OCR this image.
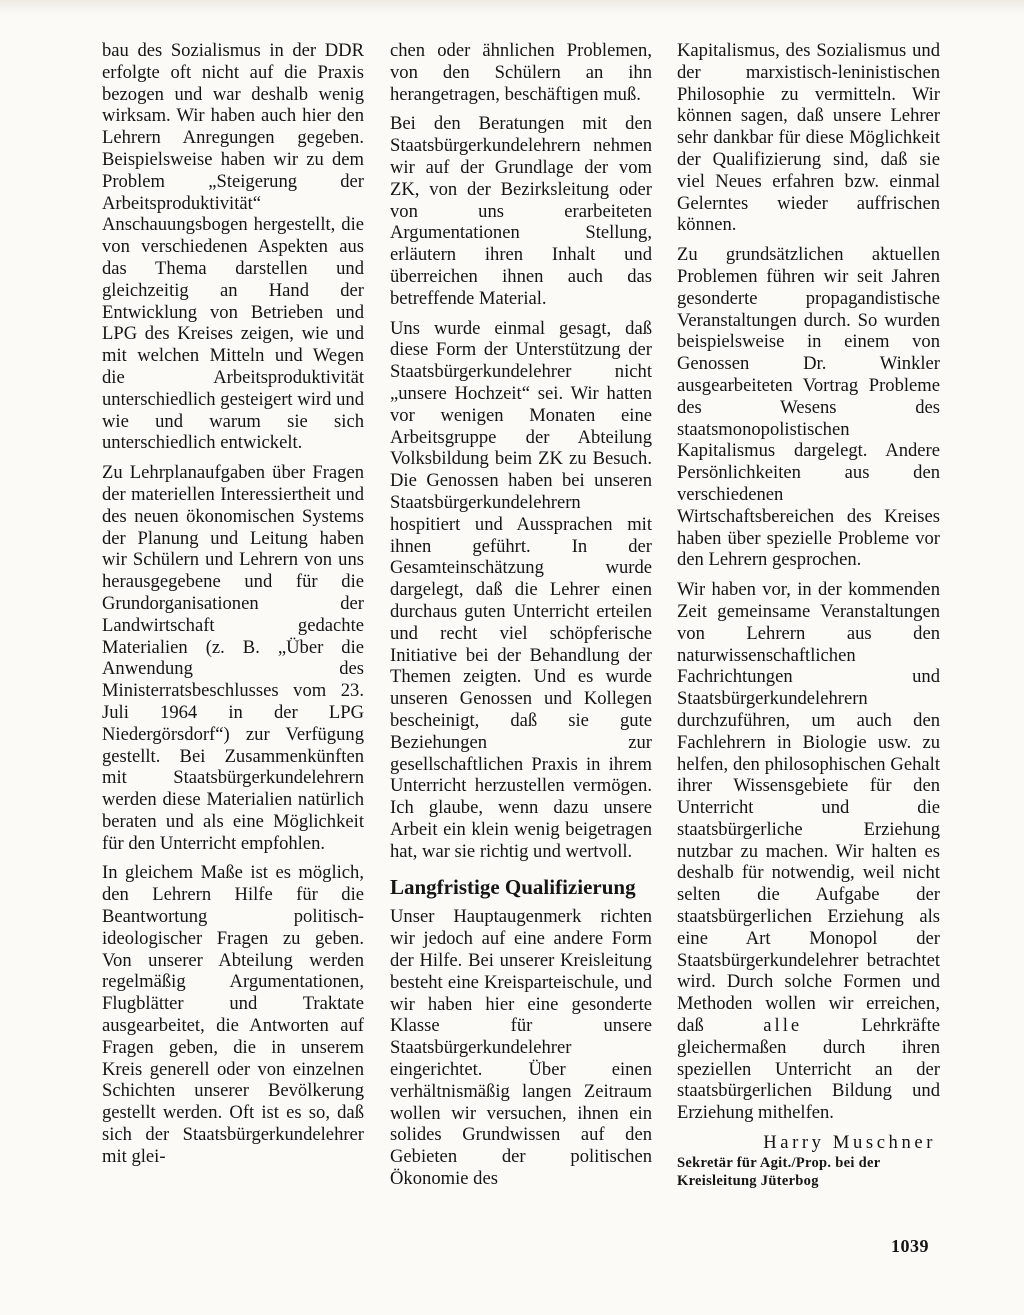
bau des Sozialismus in der DDR erfolgte oft nicht auf die Praxis bezogen und war deshalb wenig wirksam. Wir haben auch hier den Lehrern Anregungen gegeben. Beispielsweise haben wir zu dem Problem „Steigerung der Arbeitsproduktivität“ Anschauungsbogen hergestellt, die von verschiedenen Aspekten aus das Thema darstellen und gleichzeitig an Hand der Entwicklung von Betrieben und LPG des Kreises zeigen, wie und mit welchen Mitteln und Wegen die Arbeitsproduktivität unterschiedlich gesteigert wird und wie und warum sie sich unterschiedlich entwickelt.

Zu Lehrplanaufgaben über Fragen der materiellen Interessiertheit und des neuen ökonomischen Systems der Planung und Leitung haben wir Schülern und Lehrern von uns herausgegebene und für die Grundorganisationen der Landwirtschaft gedachte Materialien (z. B. „Über die Anwendung des Ministerratsbeschlusses vom 23. Juli 1964 in der LPG Niedergörsdorf“) zur Verfügung gestellt. Bei Zusammenkünften mit Staatsbürgerkundelehrern werden diese Materialien natürlich beraten und als eine Möglichkeit für den Unterricht empfohlen.

In gleichem Maße ist es möglich, den Lehrern Hilfe für die Beantwortung politisch-ideologischer Fragen zu geben. Von unserer Abteilung werden regelmäßig Argumentationen, Flugblätter und Traktate ausgearbeitet, die Antworten auf Fragen geben, die in unserem Kreis generell oder von einzelnen Schichten unserer Bevölkerung gestellt werden. Oft ist es so, daß sich der Staatsbürgerkundelehrer mit glei-

chen oder ähnlichen Problemen, von den Schülern an ihn herangetragen, beschäftigen muß.

Bei den Beratungen mit den Staatsbürgerkundelehrern nehmen wir auf der Grundlage der vom ZK, von der Bezirksleitung oder von uns erarbeiteten Argumentationen Stellung, erläutern ihren Inhalt und überreichen ihnen auch das betreffende Material.

Uns wurde einmal gesagt, daß diese Form der Unterstützung der Staatsbürgerkundelehrer nicht „unsere Hochzeit“ sei. Wir hatten vor wenigen Monaten eine Arbeitsgruppe der Abteilung Volksbildung beim ZK zu Besuch. Die Genossen haben bei unseren Staatsbürgerkundelehrern hospitiert und Aussprachen mit ihnen geführt. In der Gesamteinschätzung wurde dargelegt, daß die Lehrer einen durchaus guten Unterricht erteilen und recht viel schöpferische Initiative bei der Behandlung der Themen zeigten. Und es wurde unseren Genossen und Kollegen bescheinigt, daß sie gute Beziehungen zur gesellschaftlichen Praxis in ihrem Unterricht herzustellen vermögen. Ich glaube, wenn dazu unsere Arbeit ein klein wenig beigetragen hat, war sie richtig und wertvoll.

Langfristige Qualifizierung

Unser Hauptaugenmerk richten wir jedoch auf eine andere Form der Hilfe. Bei unserer Kreisleitung besteht eine Kreisparteischule, und wir haben hier eine gesonderte Klasse für unsere Staatsbürgerkundelehrer eingerichtet. Über einen verhältnismäßig langen Zeitraum wollen wir versuchen, ihnen ein solides Grundwissen auf den Gebieten der politischen Ökonomie des

Kapitalismus, des Sozialismus und der marxistisch-leninistischen Philosophie zu vermitteln. Wir können sagen, daß unsere Lehrer sehr dankbar für diese Möglichkeit der Qualifizierung sind, daß sie viel Neues erfahren bzw. einmal Gelerntes wieder auffrischen können.

Zu grundsätzlichen aktuellen Problemen führen wir seit Jahren gesonderte propagandistische Veranstaltungen durch. So wurden beispielsweise in einem von Genossen Dr. Winkler ausgearbeiteten Vortrag Probleme des Wesens des staatsmonopolistischen Kapitalismus dargelegt. Andere Persönlichkeiten aus den verschiedenen Wirtschaftsbereichen des Kreises haben über spezielle Probleme vor den Lehrern gesprochen.

Wir haben vor, in der kommenden Zeit gemeinsame Veranstaltungen von Lehrern aus den naturwissenschaftlichen Fachrichtungen und Staatsbürgerkundelehrern durchzuführen, um auch den Fachlehrern in Biologie usw. zu helfen, den philosophischen Gehalt ihrer Wissensgebiete für den Unterricht und die staatsbürgerliche Erziehung nutzbar zu machen. Wir halten es deshalb für notwendig, weil nicht selten die Aufgabe der staatsbürgerlichen Erziehung als eine Art Monopol der Staatsbürgerkundelehrer betrachtet wird. Durch solche Formen und Methoden wollen wir erreichen, daß	alle	Lehrkräfte gleichermaßen durch ihren speziellen Unterricht an der staatsbürgerlichen Bildung und Erziehung mithelfen.

Harry Muschner
Sekretär für Agit./Prop. bei der
Kreisleitung Jüterbog
1039
